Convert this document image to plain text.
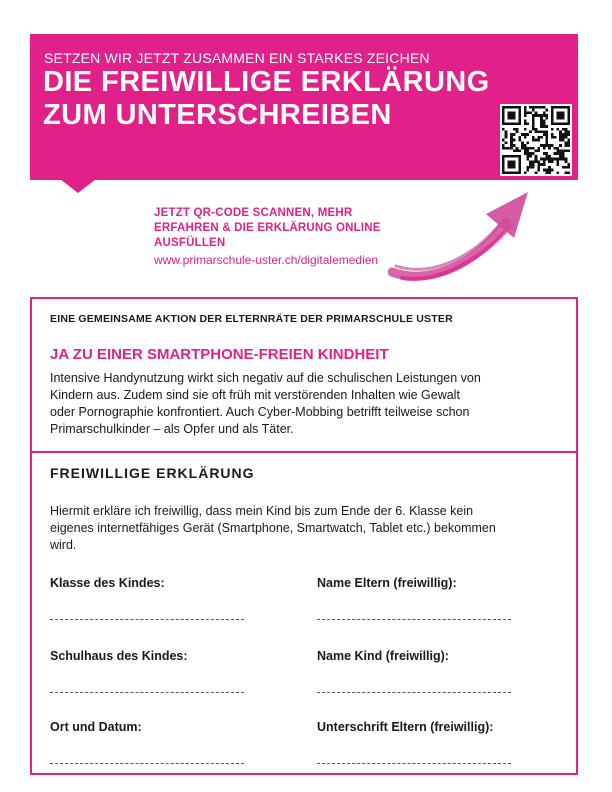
SETZEN WIR JETZT ZUSAMMEN EIN STARKES ZEICHEN
DIE FREIWILLIGE ERKLÄRUNG
ZUM UNTERSCHREIBEN
JETZT QR-CODE SCANNEN, MEHR
ERFAHREN & DIE ERKLÄRUNG ONLINE
AUSFÜLLEN
www.primarschule-uster.ch/digitalemedien
EINE GEMEINSAME AKTION DER ELTERNRÄTE DER PRIMARSCHULE USTER
JA ZU EINER SMARTPHONE-FREIEN KINDHEIT
Intensive Handynutzung wirkt sich negativ auf die schulischen Leistungen von
Kindern aus. Zudem sind sie oft früh mit verstörenden Inhalten wie Gewalt
oder Pornographie konfrontiert. Auch Cyber-Mobbing betrifft teilweise schon
Primarschulkinder – als Opfer und als Täter.
FREIWILLIGE ERKLÄRUNG
Hiermit erkläre ich freiwillig, dass mein Kind bis zum Ende der 6. Klasse kein
eigenes internetfähiges Gerät (Smartphone, Smartwatch, Tablet etc.) bekommen
wird.
Klasse des Kindes:	Name Eltern (freiwillig):
Schulhaus des Kindes:	Name Kind (freiwillig):
Ort und Datum:	Unterschrift Eltern (freiwillig):
